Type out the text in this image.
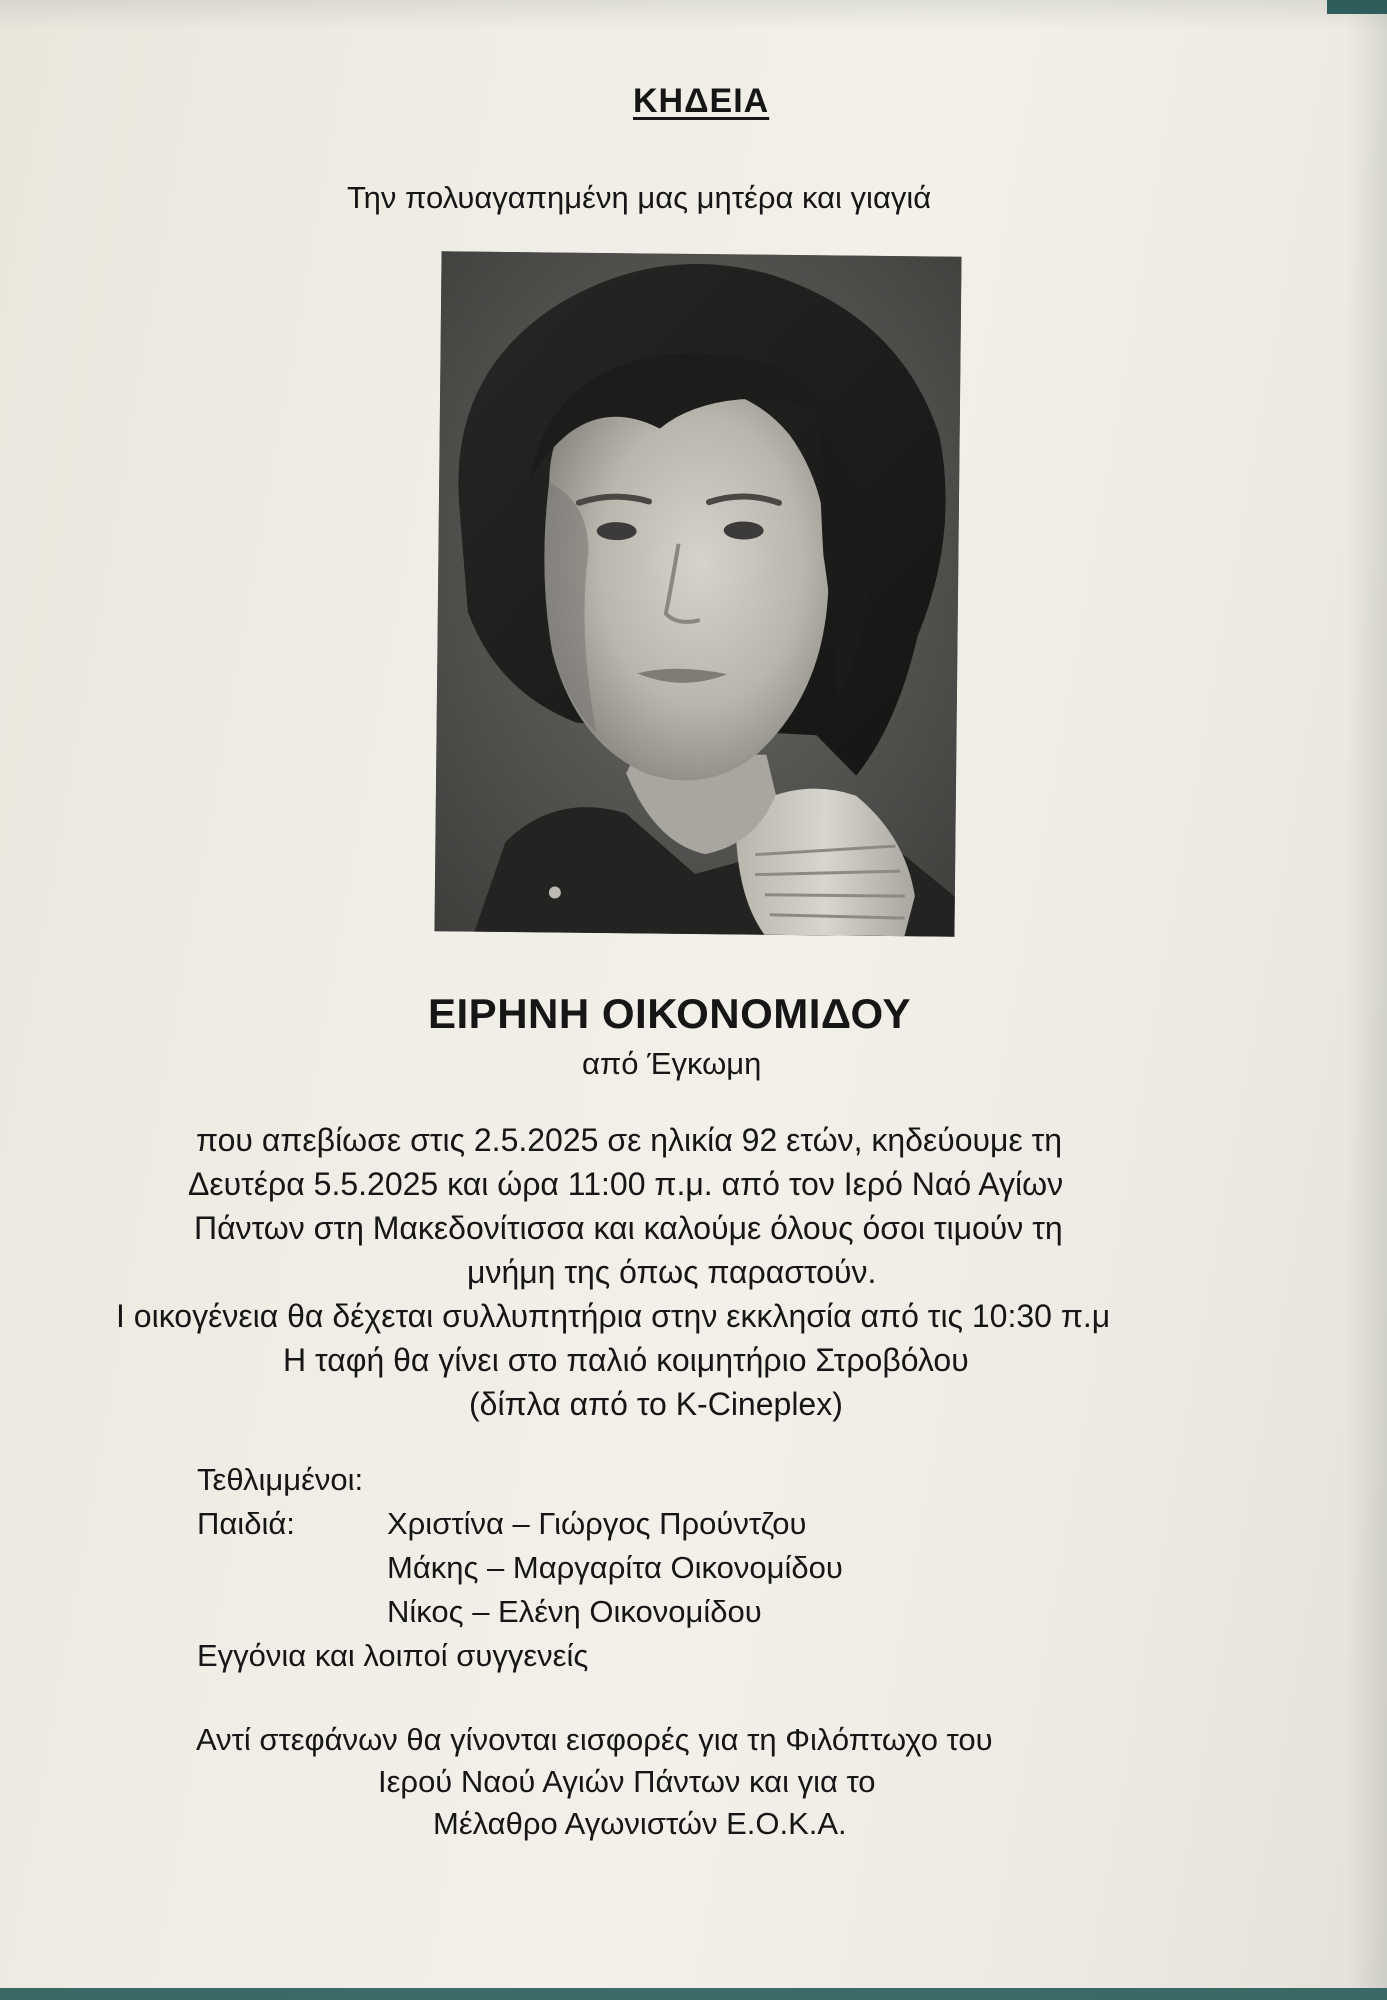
ΚΗΔΕΙΑ
Την πολυαγαπημένη μας μητέρα και γιαγιά
ΕΙΡΗΝΗ ΟΙΚΟΝΟΜΙΔΟΥ
από Έγκωμη
που απεβίωσε στις 2.5.2025 σε ηλικία 92 ετών, κηδεύουμε τη
Δευτέρα 5.5.2025 και ώρα 11:00 π.μ. από τον Ιερό Ναό Αγίων
Πάντων στη Μακεδονίτισσα και καλούμε όλους όσοι τιμούν τη
μνήμη της όπως παραστούν.
Ι οικογένεια θα δέχεται συλλυπητήρια στην εκκλησία από τις 10:30 π.μ
Η ταφή θα γίνει στο παλιό κοιμητήριο Στροβόλου
(δίπλα από το K-Cineplex)
Τεθλιμμένοι:
Παιδιά:	Χριστίνα – Γιώργος Προύντζου
Μάκης – Μαργαρίτα Οικονομίδου
Νίκος – Ελένη Οικονομίδου
Εγγόνια και λοιποί συγγενείς
Αντί στεφάνων θα γίνονται εισφορές για τη Φιλόπτωχο του
Ιερού Ναού Αγιών Πάντων και για το
Μέλαθρο Αγωνιστών Ε.Ο.Κ.Α.
